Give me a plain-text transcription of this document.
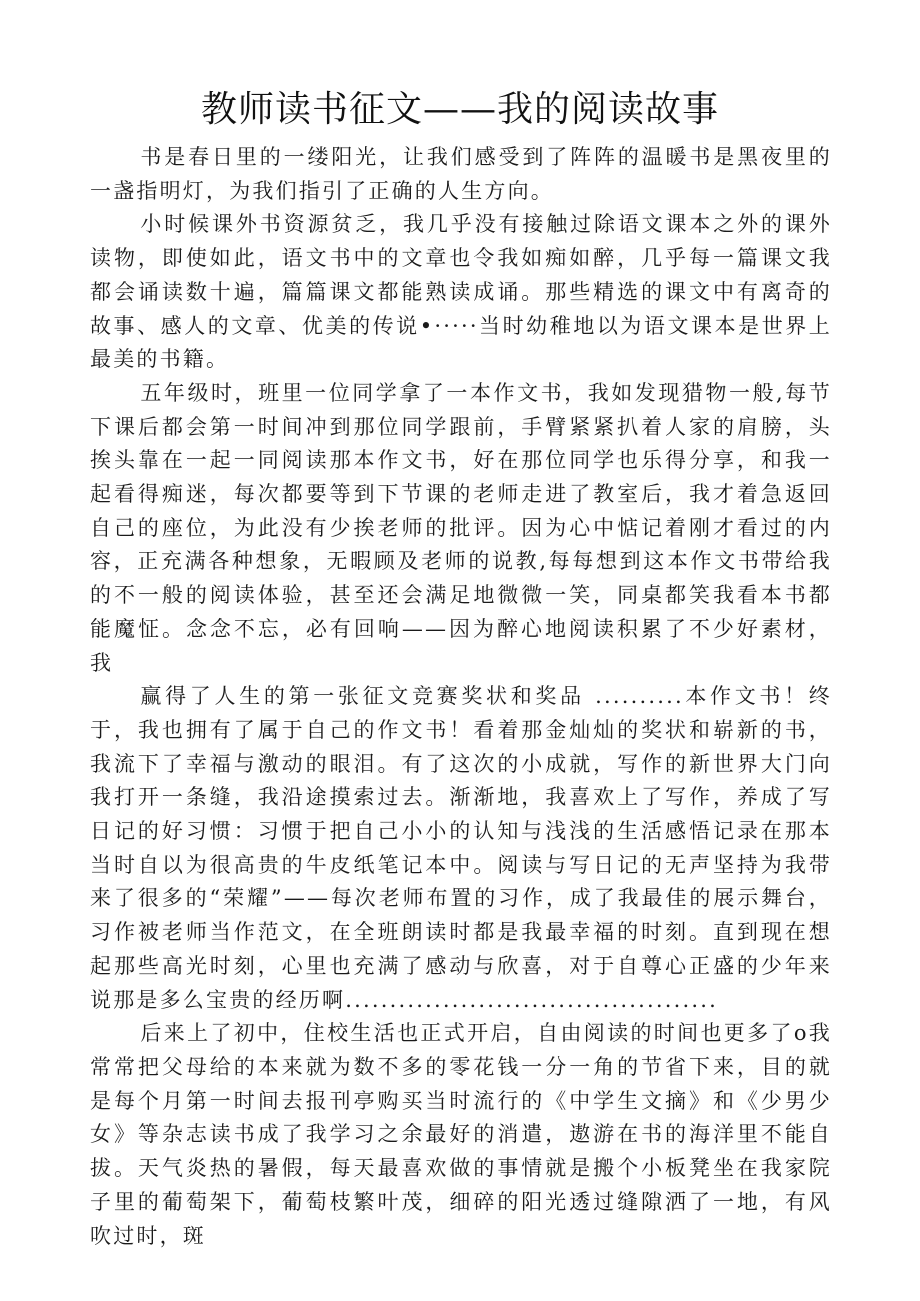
教师读书征文——我的阅读故事

书是春日里的一缕阳光，让我们感受到了阵阵的温暖书是黑夜里的一盏指明灯，为我们指引了正确的人生方向。

小时候课外书资源贫乏，我几乎没有接触过除语文课本之外的课外读物，即使如此，语文书中的文章也令我如痴如醉，几乎每一篇课文我都会诵读数十遍，篇篇课文都能熟读成诵。那些精选的课文中有离奇的故事、感人的文章、优美的传说•·····当时幼稚地以为语文课本是世界上最美的书籍。

五年级时，班里一位同学拿了一本作文书，我如发现猎物一般,每节下课后都会第一时间冲到那位同学跟前，手臂紧紧扒着人家的肩膀，头挨头靠在一起一同阅读那本作文书，好在那位同学也乐得分享，和我一起看得痴迷，每次都要等到下节课的老师走进了教室后，我才着急返回自己的座位，为此没有少挨老师的批评。因为心中惦记着刚才看过的内容，正充满各种想象，无暇顾及老师的说教,每每想到这本作文书带给我的不一般的阅读体验，甚至还会满足地微微一笑，同桌都笑我看本书都能魔怔。念念不忘，必有回响——因为醉心地阅读积累了不少好素材，我

赢得了人生的第一张征文竞赛奖状和奖品 ..........本作文书！终于，我也拥有了属于自己的作文书！看着那金灿灿的奖状和崭新的书，我流下了幸福与激动的眼泪。有了这次的小成就，写作的新世界大门向我打开一条缝，我沿途摸索过去。渐渐地，我喜欢上了写作，养成了写日记的好习惯：习惯于把自己小小的认知与浅浅的生活感悟记录在那本当时自以为很高贵的牛皮纸笔记本中。阅读与写日记的无声坚持为我带来了很多的“荣耀”——每次老师布置的习作，成了我最佳的展示舞台，习作被老师当作范文，在全班朗读时都是我最幸福的时刻。直到现在想起那些高光时刻，心里也充满了感动与欣喜，对于自尊心正盛的少年来说那是多么宝贵的经历啊..........................................

后来上了初中，住校生活也正式开启，自由阅读的时间也更多了o我常常把父母给的本来就为数不多的零花钱一分一角的节省下来，目的就是每个月第一时间去报刊亭购买当时流行的《中学生文摘》和《少男少女》等杂志读书成了我学习之余最好的消遣，遨游在书的海洋里不能自拔。天气炎热的暑假，每天最喜欢做的事情就是搬个小板凳坐在我家院子里的葡萄架下，葡萄枝繁叶茂，细碎的阳光透过缝隙洒了一地，有风吹过时，斑
